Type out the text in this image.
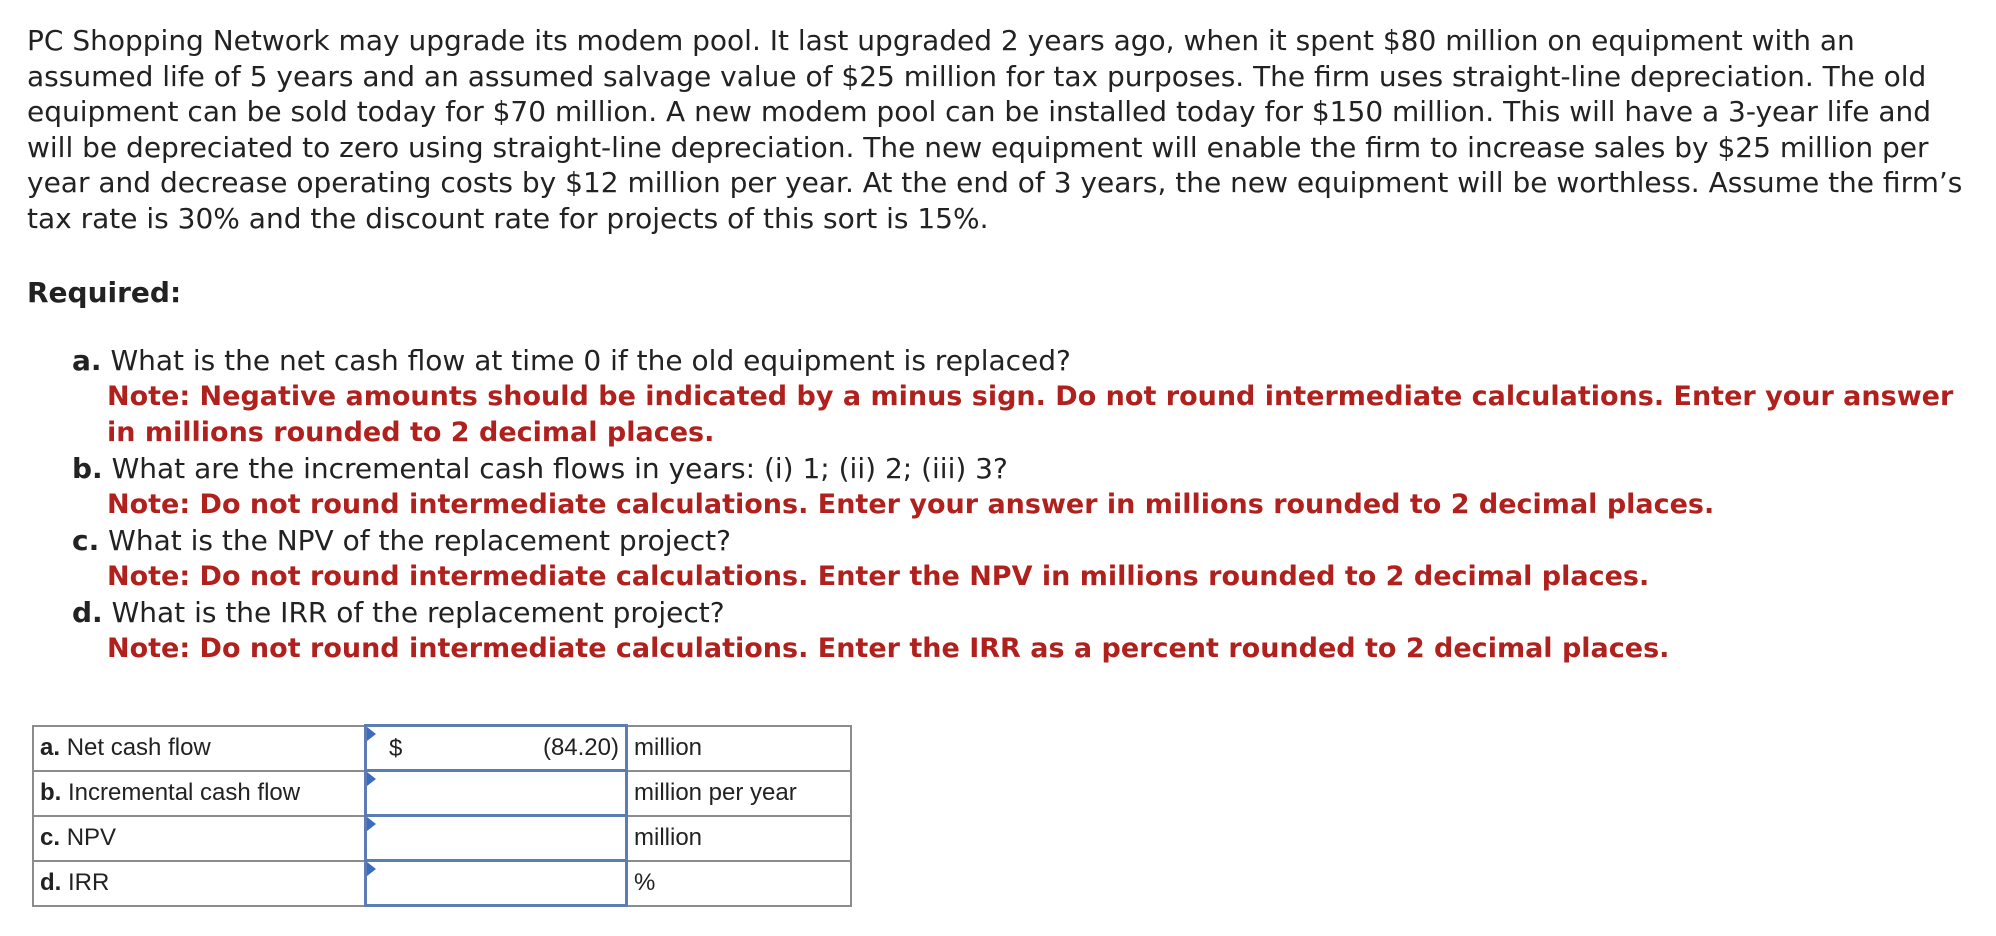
PC Shopping Network may upgrade its modem pool. It last upgraded 2 years ago, when it spent $80 million on equipment with an assumed life of 5 years and an assumed salvage value of $25 million for tax purposes. The firm uses straight-line depreciation. The old equipment can be sold today for $70 million. A new modem pool can be installed today for $150 million. This will have a 3-year life and will be depreciated to zero using straight-line depreciation. The new equipment will enable the firm to increase sales by $25 million per year and decrease operating costs by $12 million per year. At the end of 3 years, the new equipment will be worthless. Assume the firm’s tax rate is 30% and the discount rate for projects of this sort is 15%.

Required:

a. What is the net cash flow at time 0 if the old equipment is replaced?
Note: Negative amounts should be indicated by a minus sign. Do not round intermediate calculations. Enter your answer in millions rounded to 2 decimal places.
b. What are the incremental cash flows in years: (i) 1; (ii) 2; (iii) 3?
Note: Do not round intermediate calculations. Enter your answer in millions rounded to 2 decimal places.
c. What is the NPV of the replacement project?
Note: Do not round intermediate calculations. Enter the NPV in millions rounded to 2 decimal places.
d. What is the IRR of the replacement project?
Note: Do not round intermediate calculations. Enter the IRR as a percent rounded to 2 decimal places.
a. Net cash flow	$ (84.20)	million
b. Incremental cash flow		million per year
c. NPV		million
d. IRR		%
